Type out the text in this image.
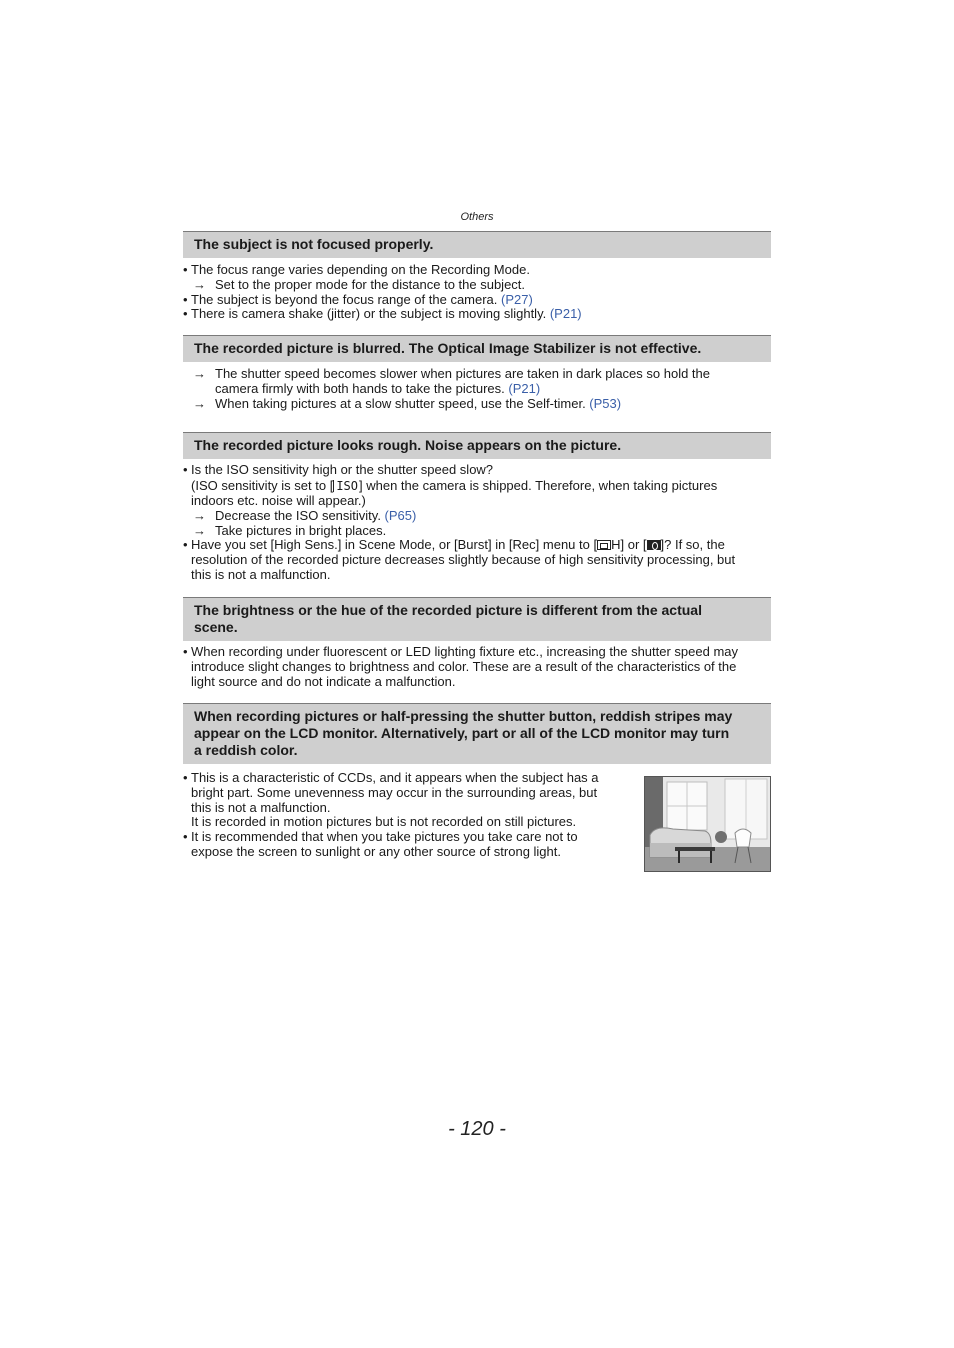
Others
The subject is not focused properly.
• The focus range varies depending on the Recording Mode.
→ Set to the proper mode for the distance to the subject.
• The subject is beyond the focus range of the camera. (P27)
• There is camera shake (jitter) or the subject is moving slightly. (P21)
The recorded picture is blurred. The Optical Image Stabilizer is not effective.
→ The shutter speed becomes slower when pictures are taken in dark places so hold the
camera firmly with both hands to take the pictures. (P21)
→ When taking pictures at a slow shutter speed, use the Self-timer. (P53)
The recorded picture looks rough. Noise appears on the picture.
• Is the ISO sensitivity high or the shutter speed slow?
(ISO sensitivity is set to [ ISO] when the camera is shipped. Therefore, when taking pictures
indoors etc. noise will appear.)
→ Decrease the ISO sensitivity. (P65)
→ Take pictures in bright places.
• Have you set [High Sens.] in Scene Mode, or [Burst] in [Rec] menu to [ H] or [ ]? If so, the
resolution of the recorded picture decreases slightly because of high sensitivity processing, but
this is not a malfunction.
The brightness or the hue of the recorded picture is different from the actual
scene.
• When recording under fluorescent or LED lighting fixture etc., increasing the shutter speed may
introduce slight changes to brightness and color. These are a result of the characteristics of the
light source and do not indicate a malfunction.
When recording pictures or half-pressing the shutter button, reddish stripes may
appear on the LCD monitor. Alternatively, part or all of the LCD monitor may turn
a reddish color.
• This is a characteristic of CCDs, and it appears when the subject has a
bright part. Some unevenness may occur in the surrounding areas, but
this is not a malfunction.
It is recorded in motion pictures but is not recorded on still pictures.
• It is recommended that when you take pictures you take care not to
expose the screen to sunlight or any other source of strong light.
- 120 -
